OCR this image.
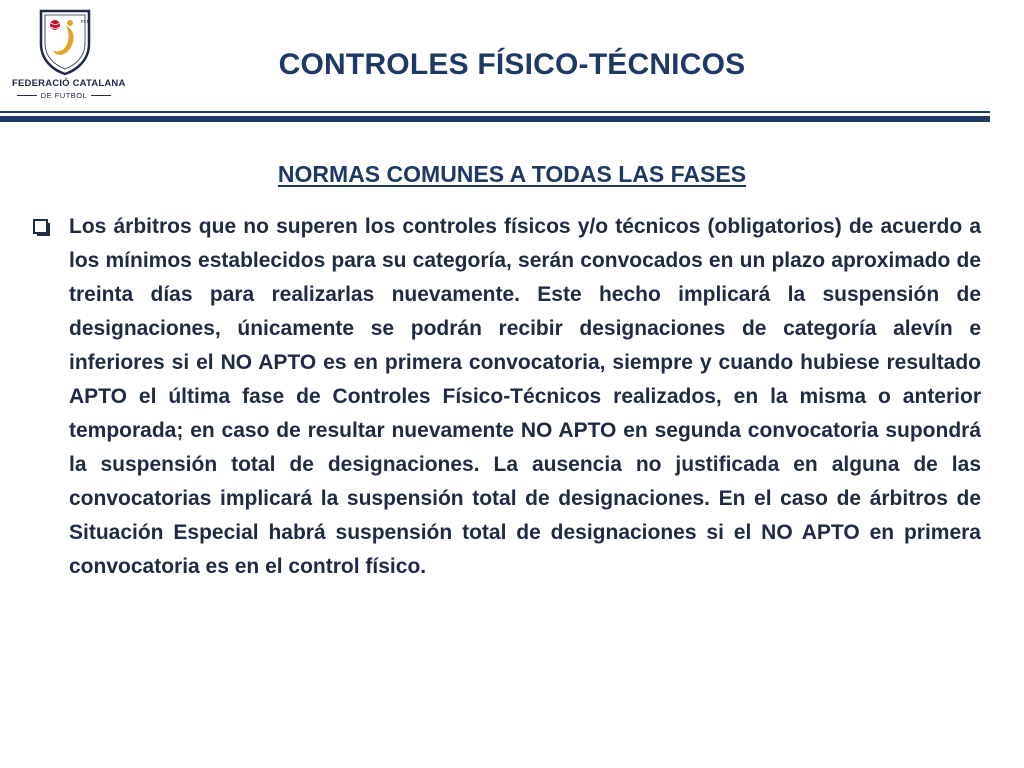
FCF
FEDERACIÓ CATALANA
DE FUTBOL
CONTROLES FÍSICO-TÉCNICOS
NORMAS COMUNES A TODAS LAS FASES

Los árbitros que no superen los controles físicos y/o técnicos (obligatorios) de acuerdo a los mínimos establecidos para su categoría, serán convocados en un plazo aproximado de treinta días para realizarlas nuevamente. Este hecho implicará la suspensión de designaciones, únicamente se podrán recibir designaciones de categoría alevín e inferiores si el NO APTO es en primera convocatoria, siempre y cuando hubiese resultado APTO el última fase de Controles Físico-Técnicos realizados, en la misma o anterior temporada; en caso de resultar nuevamente NO APTO en segunda convocatoria supondrá la suspensión total de designaciones. La ausencia no justificada en alguna de las convocatorias implicará la suspensión total de designaciones. En el caso de árbitros de Situación Especial habrá suspensión total de designaciones si el NO APTO en primera convocatoria es en el control físico.
